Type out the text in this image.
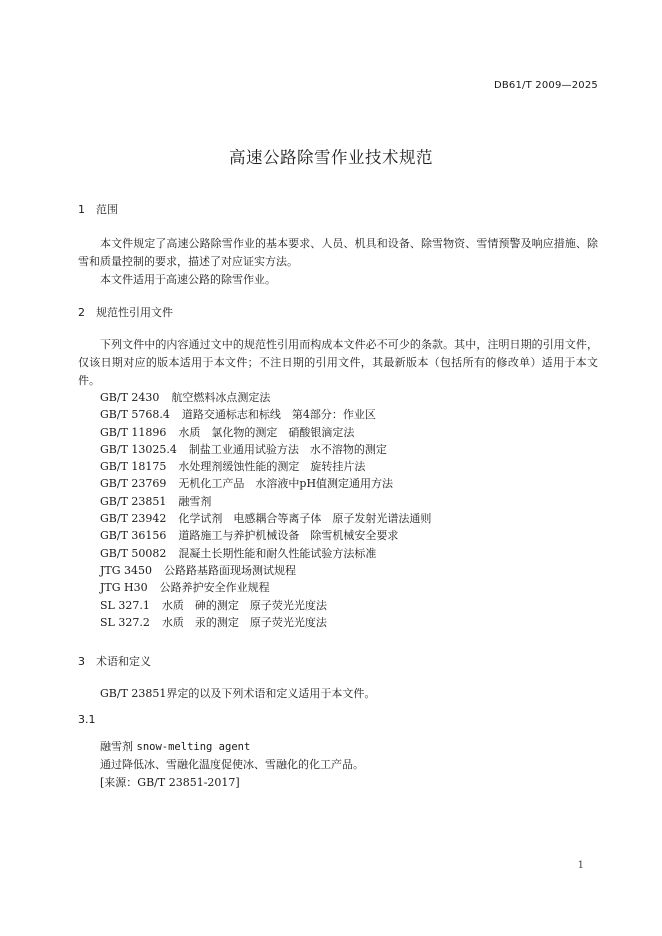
DB61/T 2009—2025
高速公路除雪作业技术规范
1 范围

本文件规定了高速公路除雪作业的基本要求、人员、机具和设备、除雪物资、雪情预警及响应措施、除雪和质量控制的要求，描述了对应证实方法。

本文件适用于高速公路的除雪作业。

2 规范性引用文件

下列文件中的内容通过文中的规范性引用而构成本文件必不可少的条款。其中，注明日期的引用文件，仅该日期对应的版本适用于本文件；不注日期的引用文件，其最新版本（包括所有的修改单）适用于本文件。

GB/T 2430 航空燃料冰点测定法
GB/T 5768.4 道路交通标志和标线　第4部分：作业区
GB/T 11896 水质　氯化物的测定　硝酸银滴定法
GB/T 13025.4 制盐工业通用试验方法　水不溶物的测定
GB/T 18175 水处理剂缓蚀性能的测定　旋转挂片法
GB/T 23769 无机化工产品　水溶液中pH值测定通用方法
GB/T 23851 融雪剂
GB/T 23942 化学试剂　电感耦合等离子体　原子发射光谱法通则
GB/T 36156 道路施工与养护机械设备　除雪机械安全要求
GB/T 50082 混凝土长期性能和耐久性能试验方法标准
JTG 3450 公路路基路面现场测试规程
JTG H30 公路养护安全作业规程
SL 327.1 水质　砷的测定　原子荧光光度法
SL 327.2 水质　汞的测定　原子荧光光度法
3 术语和定义
GB/T 23851界定的以及下列术语和定义适用于本文件。
3.1
融雪剂 snow-melting agent
通过降低冰、雪融化温度促使冰、雪融化的化工产品。
[来源：GB/T 23851-2017]
1
